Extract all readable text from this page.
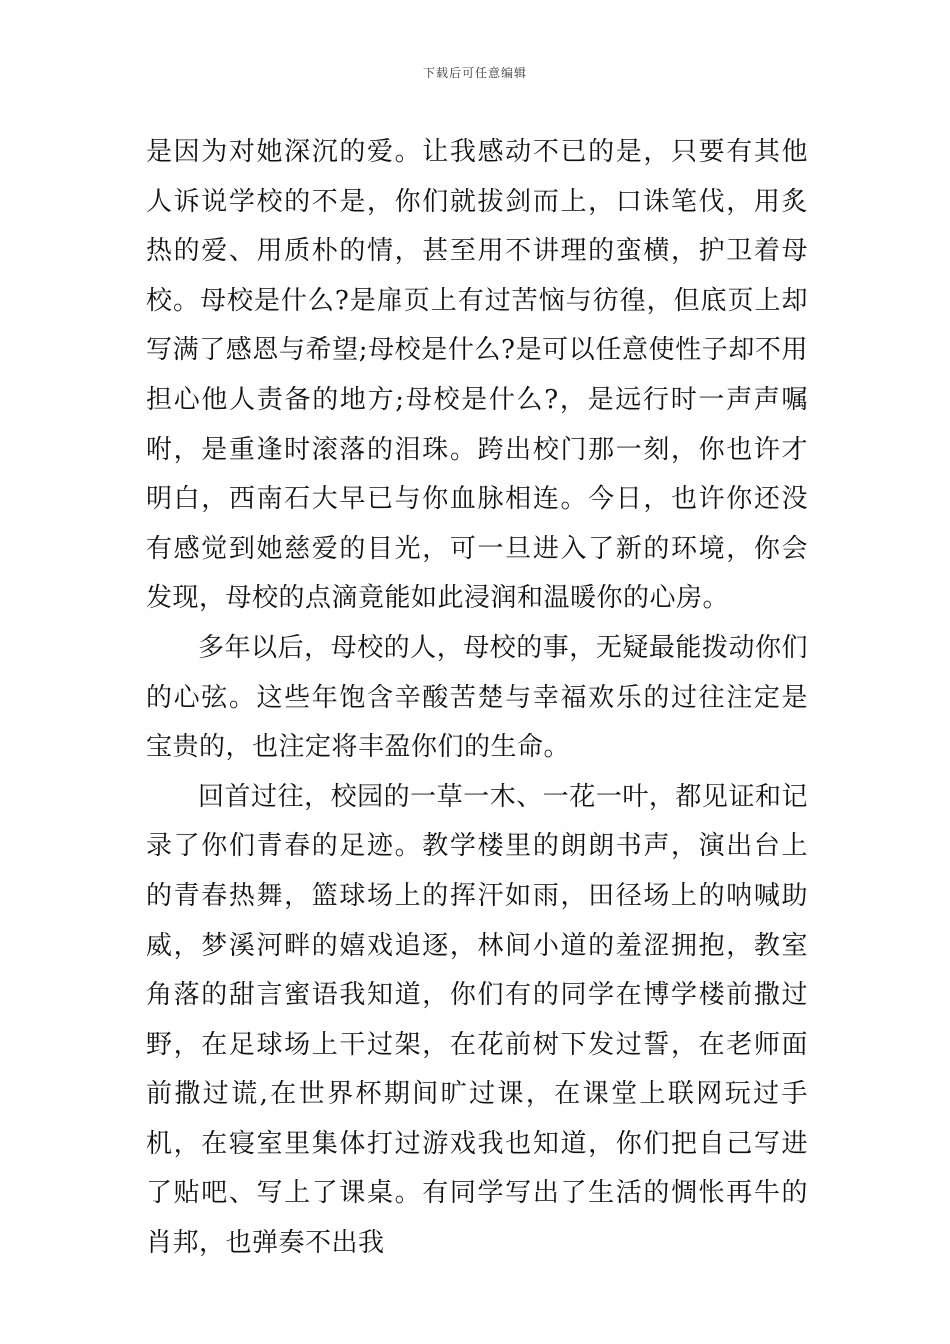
下载后可任意编辑

是因为对她深沉的爱。让我感动不已的是，只要有其他人诉说学校的不是，你们就拔剑而上，口诛笔伐，用炙热的爱、用质朴的情，甚至用不讲理的蛮横，护卫着母校。母校是什么?是扉页上有过苦恼与彷徨，但底页上却写满了感恩与希望;母校是什么?是可以任意使性子却不用担心他人责备的地方;母校是什么?，是远行时一声声嘱咐，是重逢时滚落的泪珠。跨出校门那一刻，你也许才明白，西南石大早已与你血脉相连。今日，也许你还没有感觉到她慈爱的目光，可一旦进入了新的环境，你会发现，母校的点滴竟能如此浸润和温暖你的心房。

多年以后，母校的人，母校的事，无疑最能拨动你们的心弦。这些年饱含辛酸苦楚与幸福欢乐的过往注定是宝贵的，也注定将丰盈你们的生命。

回首过往，校园的一草一木、一花一叶，都见证和记录了你们青春的足迹。教学楼里的朗朗书声，演出台上的青春热舞，篮球场上的挥汗如雨，田径场上的呐喊助威，梦溪河畔的嬉戏追逐，林间小道的羞涩拥抱，教室角落的甜言蜜语我知道，你们有的同学在博学楼前撒过野，在足球场上干过架，在花前树下发过誓，在老师面前撒过谎,在世界杯期间旷过课，在课堂上联网玩过手机，在寝室里集体打过游戏我也知道，你们把自己写进了贴吧、写上了课桌。有同学写出了生活的惆怅再牛的肖邦，也弹奏不出我
